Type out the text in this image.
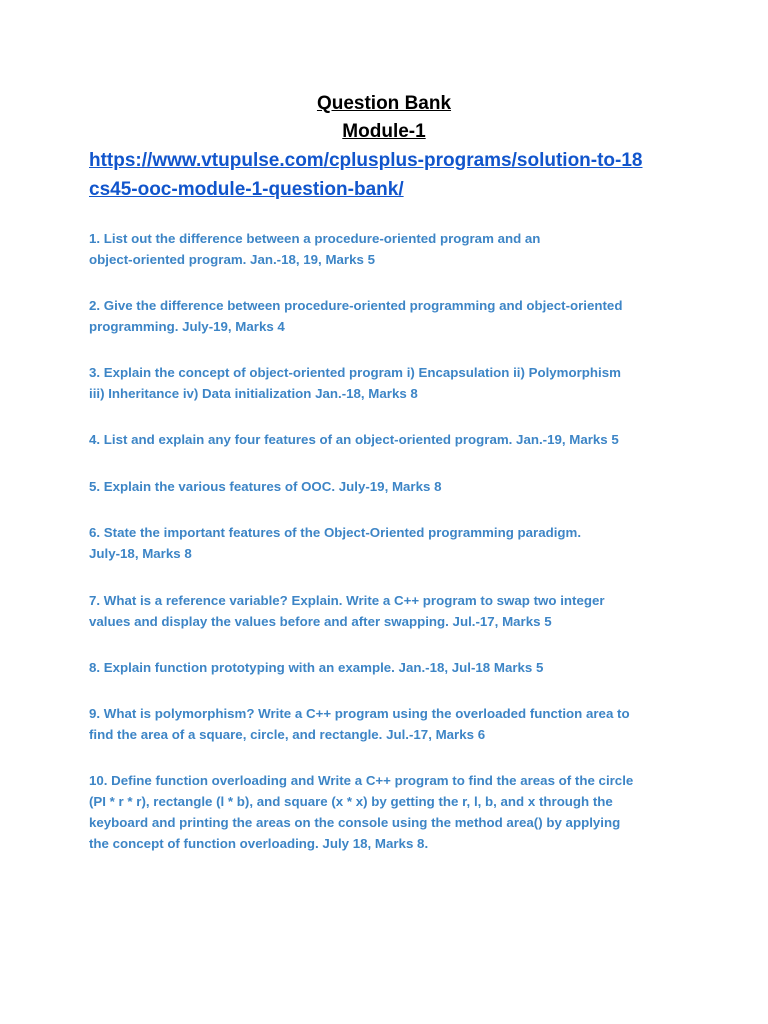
Question Bank
Module-1
https://www.vtupulse.com/cplusplus-programs/solution-to-18
cs45-ooc-module-1-question-bank/
1. List out the difference between a procedure-oriented program and an
object-oriented program. Jan.-18, 19, Marks 5
2. Give the difference between procedure-oriented programming and object-oriented
programming. July-19, Marks 4
3. Explain the concept of object-oriented program i) Encapsulation ii) Polymorphism
iii) Inheritance iv) Data initialization Jan.-18, Marks 8
4. List and explain any four features of an object-oriented program. Jan.-19, Marks 5
5. Explain the various features of OOC. July-19, Marks 8
6. State the important features of the Object-Oriented programming paradigm.
July-18, Marks 8
7. What is a reference variable? Explain. Write a C++ program to swap two integer
values and display the values before and after swapping. Jul.-17, Marks 5
8. Explain function prototyping with an example. Jan.-18, Jul-18 Marks 5
9. What is polymorphism? Write a C++ program using the overloaded function area to
find the area of a square, circle, and rectangle. Jul.-17, Marks 6
10. Define function overloading and Write a C++ program to find the areas of the circle
(PI * r * r), rectangle (l * b), and square (x * x) by getting the r, l, b, and x through the
keyboard and printing the areas on the console using the method area() by applying
the concept of function overloading. July 18, Marks 8.
